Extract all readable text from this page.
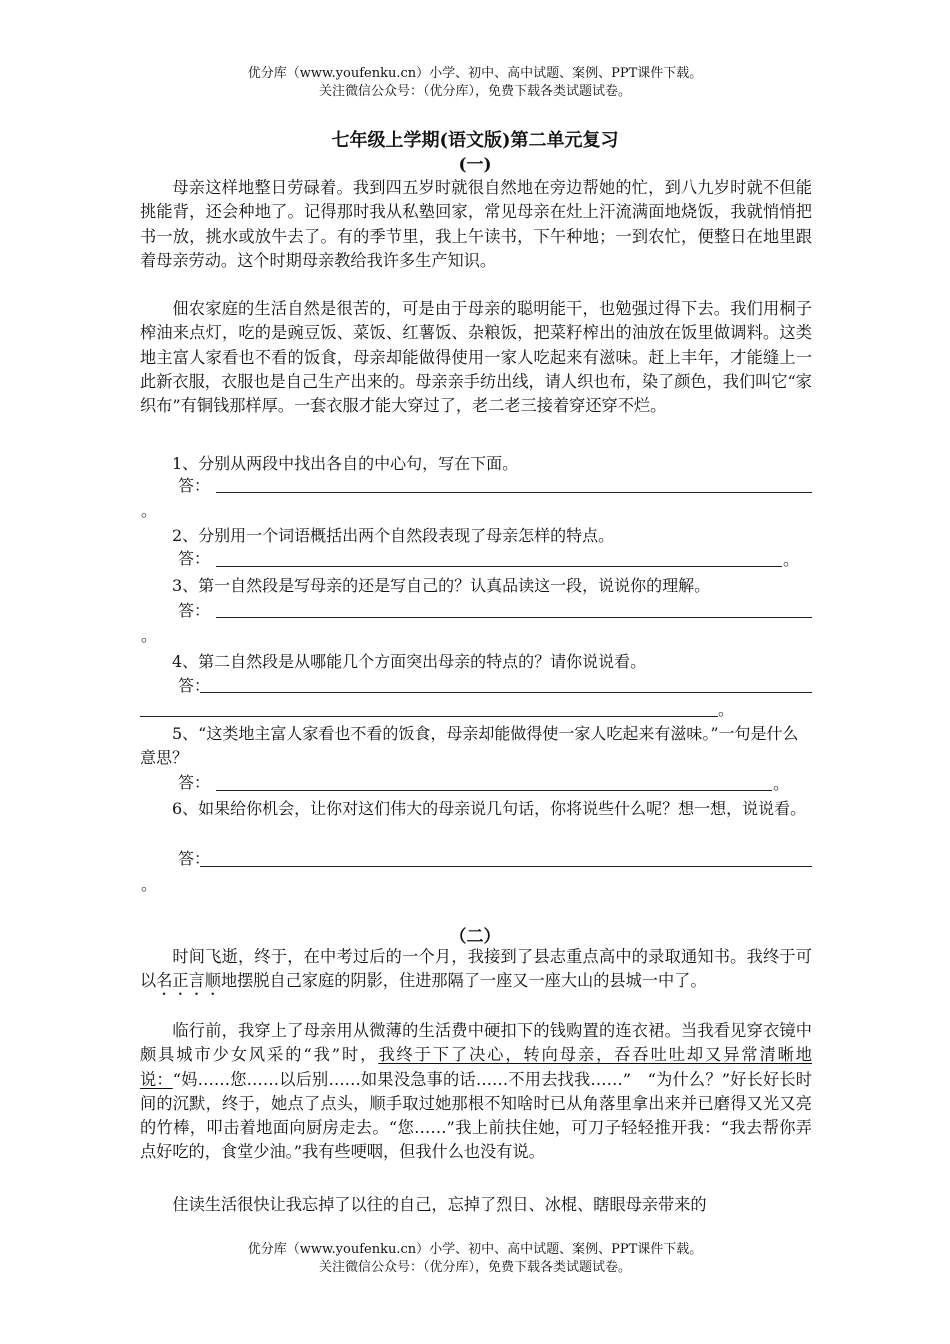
优分库（www.youfenku.cn）小学、初中、高中试题、案例、PPT课件下载。
关注微信公众号：（优分库），免费下载各类试题试卷。
七年级上学期(语文版)第二单元复习
(一)

母亲这样地整日劳碌着。我到四五岁时就很自然地在旁边帮她的忙，到八九岁时就不但能挑能背，还会种地了。记得那时我从私塾回家，常见母亲在灶上汗流满面地烧饭，我就悄悄把书一放，挑水或放牛去了。有的季节里，我上午读书，下午种地；一到农忙，便整日在地里跟着母亲劳动。这个时期母亲教给我许多生产知识。

佃农家庭的生活自然是很苦的，可是由于母亲的聪明能干，也勉强过得下去。我们用桐子榨油来点灯，吃的是豌豆饭、菜饭、红薯饭、杂粮饭，把菜籽榨出的油放在饭里做调料。这类地主富人家看也不看的饭食，母亲却能做得使用一家人吃起来有滋味。赶上丰年，才能缝上一此新衣服，衣服也是自己生产出来的。母亲亲手纺出线，请人织也布，染了颜色，我们叫它“家织布”有铜钱那样厚。一套衣服才能大穿过了，老二老三接着穿还穿不烂。

1、分别从两段中找出各自的中心句，写在下面。

答：
。

2、分别用一个词语概括出两个自然段表现了母亲怎样的特点。

答：	。

3、第一自然段是写母亲的还是写自己的？认真品读这一段，说说你的理解。

答：
。

4、第二自然段是从哪能几个方面突出母亲的特点的？请你说说看。

答：
。

5、“这类地主富人家看也不看的饭食，母亲却能做得使一家人吃起来有滋味。”一句是什么意思？

答：	。

6、如果给你机会，让你对这们伟大的母亲说几句话，你将说些什么呢？想一想，说说看。

答：
。
（二）

时间飞逝，终于，在中考过后的一个月，我接到了县志重点高中的录取通知书。我终于可以名正言顺地摆脱自己家庭的阴影，住进那隔了一座又一座大山的县城一中了。

临行前，我穿上了母亲用从微薄的生活费中硬扣下的钱购置的连衣裙。当我看见穿衣镜中颇具城市少女风采的“我”时，我终于下了决心，转向母亲，吞吞吐吐却又异常清晰地说：“妈……您……以后别……如果没急事的话……不用去找我……”　“为什么？”好长好长时间的沉默，终于，她点了点头，顺手取过她那根不知啥时已从角落里拿出来并已磨得又光又亮的竹棒，叩击着地面向厨房走去。“您……”我上前扶住她，可刀子轻轻推开我：“我去帮你弄点好吃的，食堂少油。”我有些哽咽，但我什么也没有说。

住读生活很快让我忘掉了以往的自己，忘掉了烈日、冰棍、瞎眼母亲带来的

优分库（www.youfenku.cn）小学、初中、高中试题、案例、PPT课件下载。
关注微信公众号：（优分库），免费下载各类试题试卷。
